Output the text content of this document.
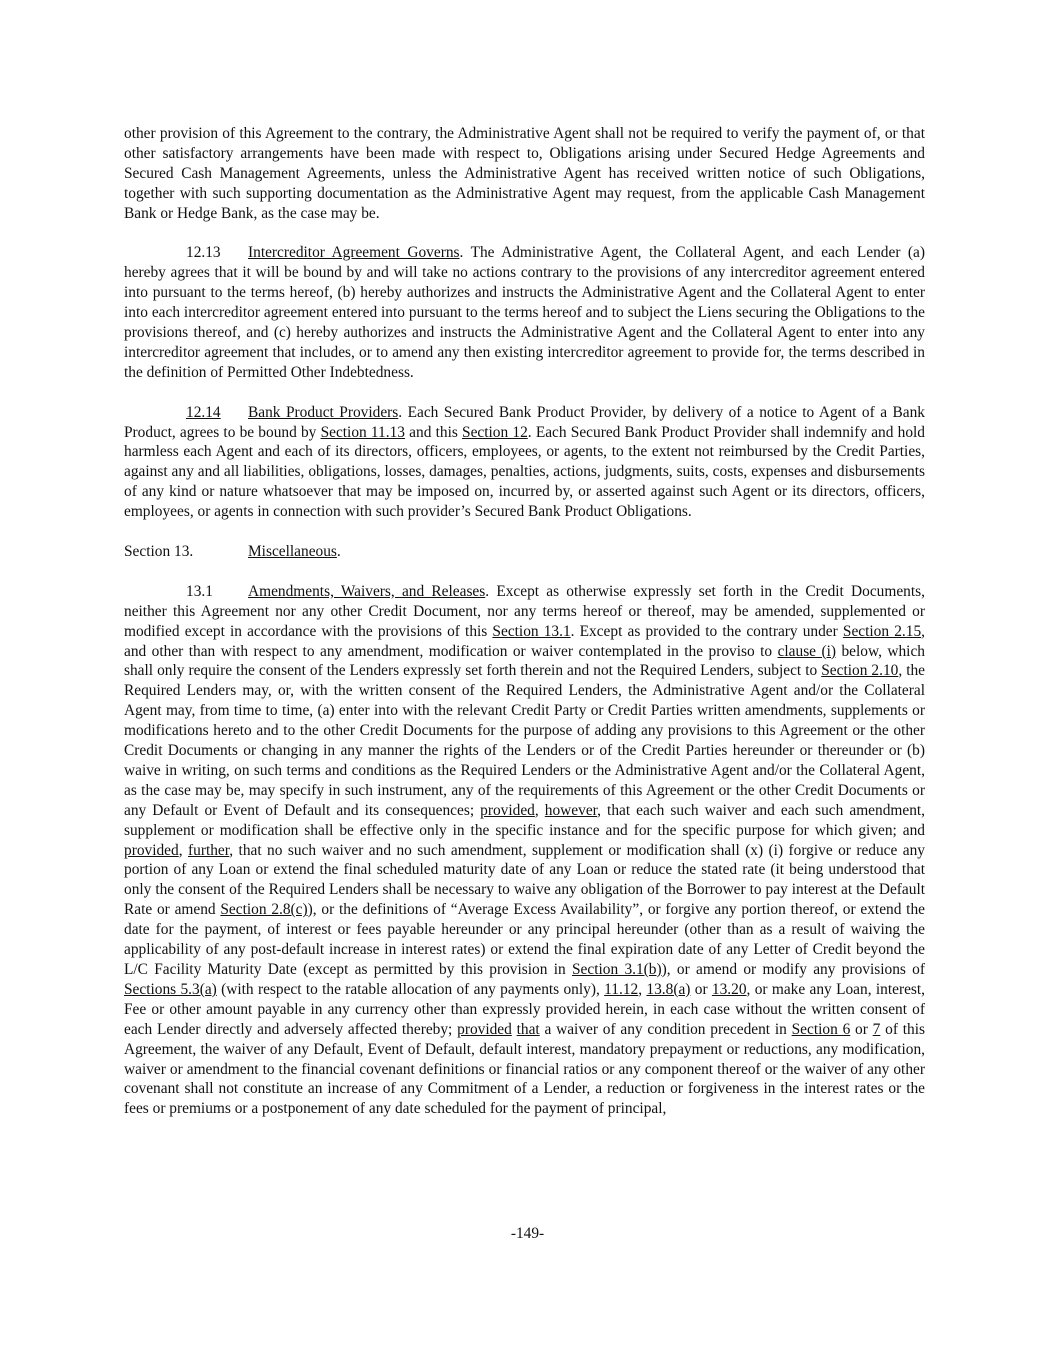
other provision of this Agreement to the contrary, the Administrative Agent shall not be required to verify the payment of, or that other satisfactory arrangements have been made with respect to, Obligations arising under Secured Hedge Agreements and Secured Cash Management Agreements, unless the Administrative Agent has received written notice of such Obligations, together with such supporting documentation as the Administrative Agent may request, from the applicable Cash Management Bank or Hedge Bank, as the case may be.

12.13 Intercreditor Agreement Governs. The Administrative Agent, the Collateral Agent, and each Lender (a) hereby agrees that it will be bound by and will take no actions contrary to the provisions of any intercreditor agreement entered into pursuant to the terms hereof, (b) hereby authorizes and instructs the Administrative Agent and the Collateral Agent to enter into each intercreditor agreement entered into pursuant to the terms hereof and to subject the Liens securing the Obligations to the provisions thereof, and (c) hereby authorizes and instructs the Administrative Agent and the Collateral Agent to enter into any intercreditor agreement that includes, or to amend any then existing intercreditor agreement to provide for, the terms described in the definition of Permitted Other Indebtedness.

12.14 Bank Product Providers. Each Secured Bank Product Provider, by delivery of a notice to Agent of a Bank Product, agrees to be bound by Section 11.13 and this Section 12. Each Secured Bank Product Provider shall indemnify and hold harmless each Agent and each of its directors, officers, employees, or agents, to the extent not reimbursed by the Credit Parties, against any and all liabilities, obligations, losses, damages, penalties, actions, judgments, suits, costs, expenses and disbursements of any kind or nature whatsoever that may be imposed on, incurred by, or asserted against such Agent or its directors, officers, employees, or agents in connection with such provider’s Secured Bank Product Obligations.

Section 13.	Miscellaneous.

13.1 Amendments, Waivers, and Releases. Except as otherwise expressly set forth in the Credit Documents, neither this Agreement nor any other Credit Document, nor any terms hereof or thereof, may be amended, supplemented or modified except in accordance with the provisions of this Section 13.1. Except as provided to the contrary under Section 2.15, and other than with respect to any amendment, modification or waiver contemplated in the proviso to clause (i) below, which shall only require the consent of the Lenders expressly set forth therein and not the Required Lenders, subject to Section 2.10, the Required Lenders may, or, with the written consent of the Required Lenders, the Administrative Agent and/or the Collateral Agent may, from time to time, (a) enter into with the relevant Credit Party or Credit Parties written amendments, supplements or modifications hereto and to the other Credit Documents for the purpose of adding any provisions to this Agreement or the other Credit Documents or changing in any manner the rights of the Lenders or of the Credit Parties hereunder or thereunder or (b) waive in writing, on such terms and conditions as the Required Lenders or the Administrative Agent and/or the Collateral Agent, as the case may be, may specify in such instrument, any of the requirements of this Agreement or the other Credit Documents or any Default or Event of Default and its consequences; provided, however, that each such waiver and each such amendment, supplement or modification shall be effective only in the specific instance and for the specific purpose for which given; and provided, further, that no such waiver and no such amendment, supplement or modification shall (x) (i) forgive or reduce any portion of any Loan or extend the final scheduled maturity date of any Loan or reduce the stated rate (it being understood that only the consent of the Required Lenders shall be necessary to waive any obligation of the Borrower to pay interest at the Default Rate or amend Section 2.8(c)), or the definitions of “Average Excess Availability”, or forgive any portion thereof, or extend the date for the payment, of interest or fees payable hereunder or any principal hereunder (other than as a result of waiving the applicability of any post-default increase in interest rates) or extend the final expiration date of any Letter of Credit beyond the L/C Facility Maturity Date (except as permitted by this provision in Section 3.1(b)), or amend or modify any provisions of Sections 5.3(a) (with respect to the ratable allocation of any payments only), 11.12, 13.8(a) or 13.20, or make any Loan, interest, Fee or other amount payable in any currency other than expressly provided herein, in each case without the written consent of each Lender directly and adversely affected thereby; provided that a waiver of any condition precedent in Section 6 or 7 of this Agreement, the waiver of any Default, Event of Default, default interest, mandatory prepayment or reductions, any modification, waiver or amendment to the financial covenant definitions or financial ratios or any component thereof or the waiver of any other covenant shall not constitute an increase of any Commitment of a Lender, a reduction or forgiveness in the interest rates or the fees or premiums or a postponement of any date scheduled for the payment of principal,

-149-
